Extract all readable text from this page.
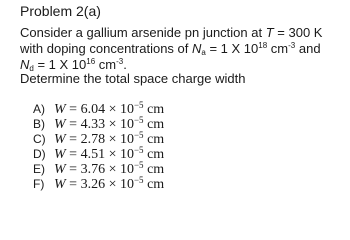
Problem 2(a)
Consider a gallium arsenide pn junction at T = 300 K
with doping concentrations of $N_a = 1$ X $10^{18}$ $cm^{-3}$ and
$N_d = 1$ X $10^{16}$ $cm^{-3}$.
Determine the total space charge width
A) $W = 6.04 \times 10^{-5}$ cm
B) $W = 4.33 \times 10^{-5}$ cm
C) $W = 2.78 \times 10^{-5}$ cm
D) $W = 4.51 \times 10^{-5}$ cm
E) $W = 3.76 \times 10^{-5}$ cm
F) $W = 3.26 \times 10^{-5}$ cm
